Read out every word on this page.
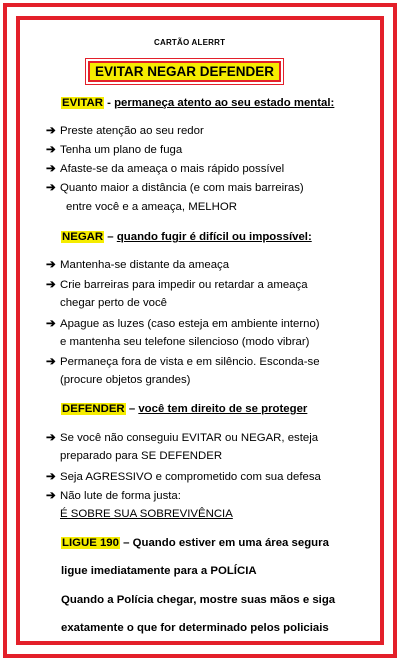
CARTÃO ALERRT
EVITAR NEGAR DEFENDER
EVITAR - permaneça atento ao seu estado mental:
➔ Preste atenção ao seu redor
➔ Tenha um plano de fuga
➔ Afaste-se da ameaça o mais rápido possível
➔ Quanto maior a distância (e com mais barreiras)
entre você e a ameaça, MELHOR
NEGAR – quando fugir é difícil ou impossível:
➔ Mantenha-se distante da ameaça
➔ Crie barreiras para impedir ou retardar a ameaça
chegar perto de você
➔ Apague as luzes (caso esteja em ambiente interno)
e mantenha seu telefone silencioso (modo vibrar)
➔ Permaneça fora de vista e em silêncio. Esconda-se
(procure objetos grandes)
DEFENDER – você tem direito de se proteger
➔ Se você não conseguiu EVITAR ou NEGAR, esteja
preparado para SE DEFENDER
➔ Seja AGRESSIVO e comprometido com sua defesa
➔ Não lute de forma justa:
É SOBRE SUA SOBREVIVÊNCIA
LIGUE 190 – Quando estiver em uma área segura
ligue imediatamente para a POLÍCIA
Quando a Polícia chegar, mostre suas mãos e siga
exatamente o que for determinado pelos policiais
